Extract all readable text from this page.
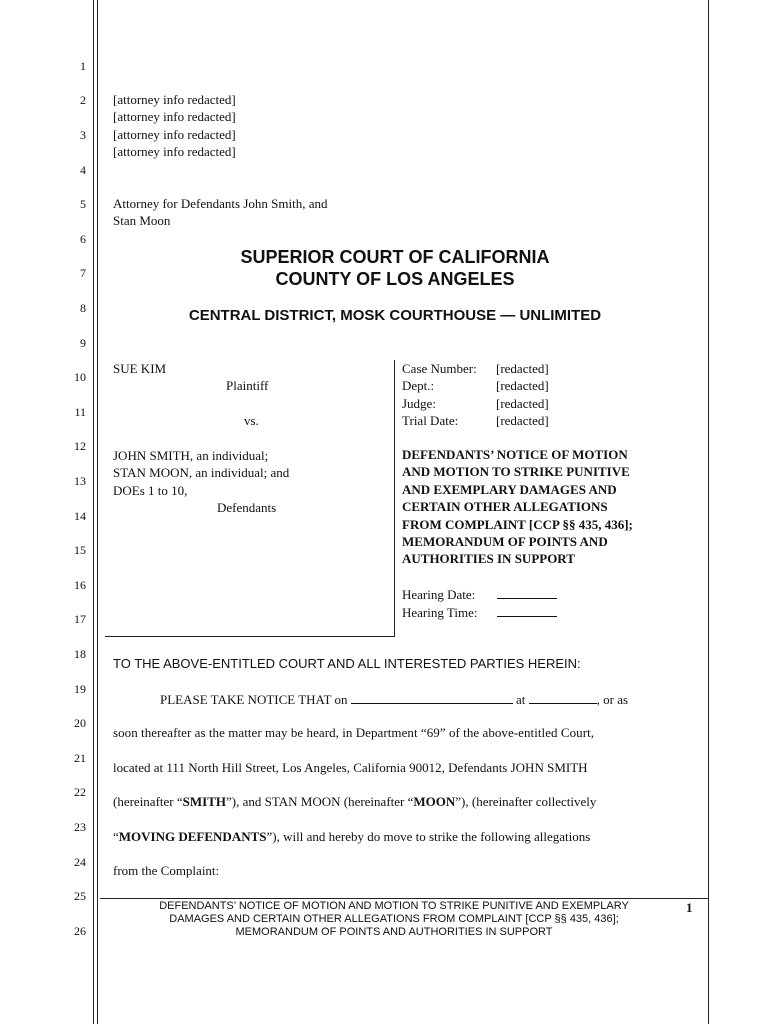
1
2
3
4
5
6
7
8
9
10
11
12
13
14
15
16
17
18
19
20
21
22
23
24
25
26
[attorney info redacted]
[attorney info redacted]
[attorney info redacted]
[attorney info redacted]
Attorney for Defendants John Smith, and
Stan Moon
SUPERIOR COURT OF CALIFORNIA
COUNTY OF LOS ANGELES
CENTRAL DISTRICT, MOSK COURTHOUSE — UNLIMITED
SUE KIM
Plaintiff

vs.

JOHN SMITH, an individual;
STAN MOON, an individual; and
DOEs 1 to 10,
Defendants
Case Number: [redacted]
Dept.:	[redacted]
Judge:	[redacted]
Trial Date:	[redacted]
DEFENDANTS’ NOTICE OF MOTION
AND MOTION TO STRIKE PUNITIVE
AND EXEMPLARY DAMAGES AND
CERTAIN OTHER ALLEGATIONS
FROM COMPLAINT [CCP §§ 435, 436];
MEMORANDUM OF POINTS AND
AUTHORITIES IN SUPPORT
Hearing Date:
Hearing Time:
TO THE ABOVE-ENTITLED COURT AND ALL INTERESTED PARTIES HEREIN:
PLEASE TAKE NOTICE THAT on	at	, or as
soon thereafter as the matter may be heard, in Department “69” of the above-entitled Court,
located at 111 North Hill Street, Los Angeles, California 90012, Defendants JOHN SMITH
(hereinafter “SMITH”), and STAN MOON (hereinafter “MOON”), (hereinafter collectively
“MOVING DEFENDANTS”), will and hereby do move to strike the following allegations
from the Complaint:
DEFENDANTS’ NOTICE OF MOTION AND MOTION TO STRIKE PUNITIVE AND EXEMPLARY
DAMAGES AND CERTAIN OTHER ALLEGATIONS FROM COMPLAINT [CCP §§ 435, 436];
MEMORANDUM OF POINTS AND AUTHORITIES IN SUPPORT
1
